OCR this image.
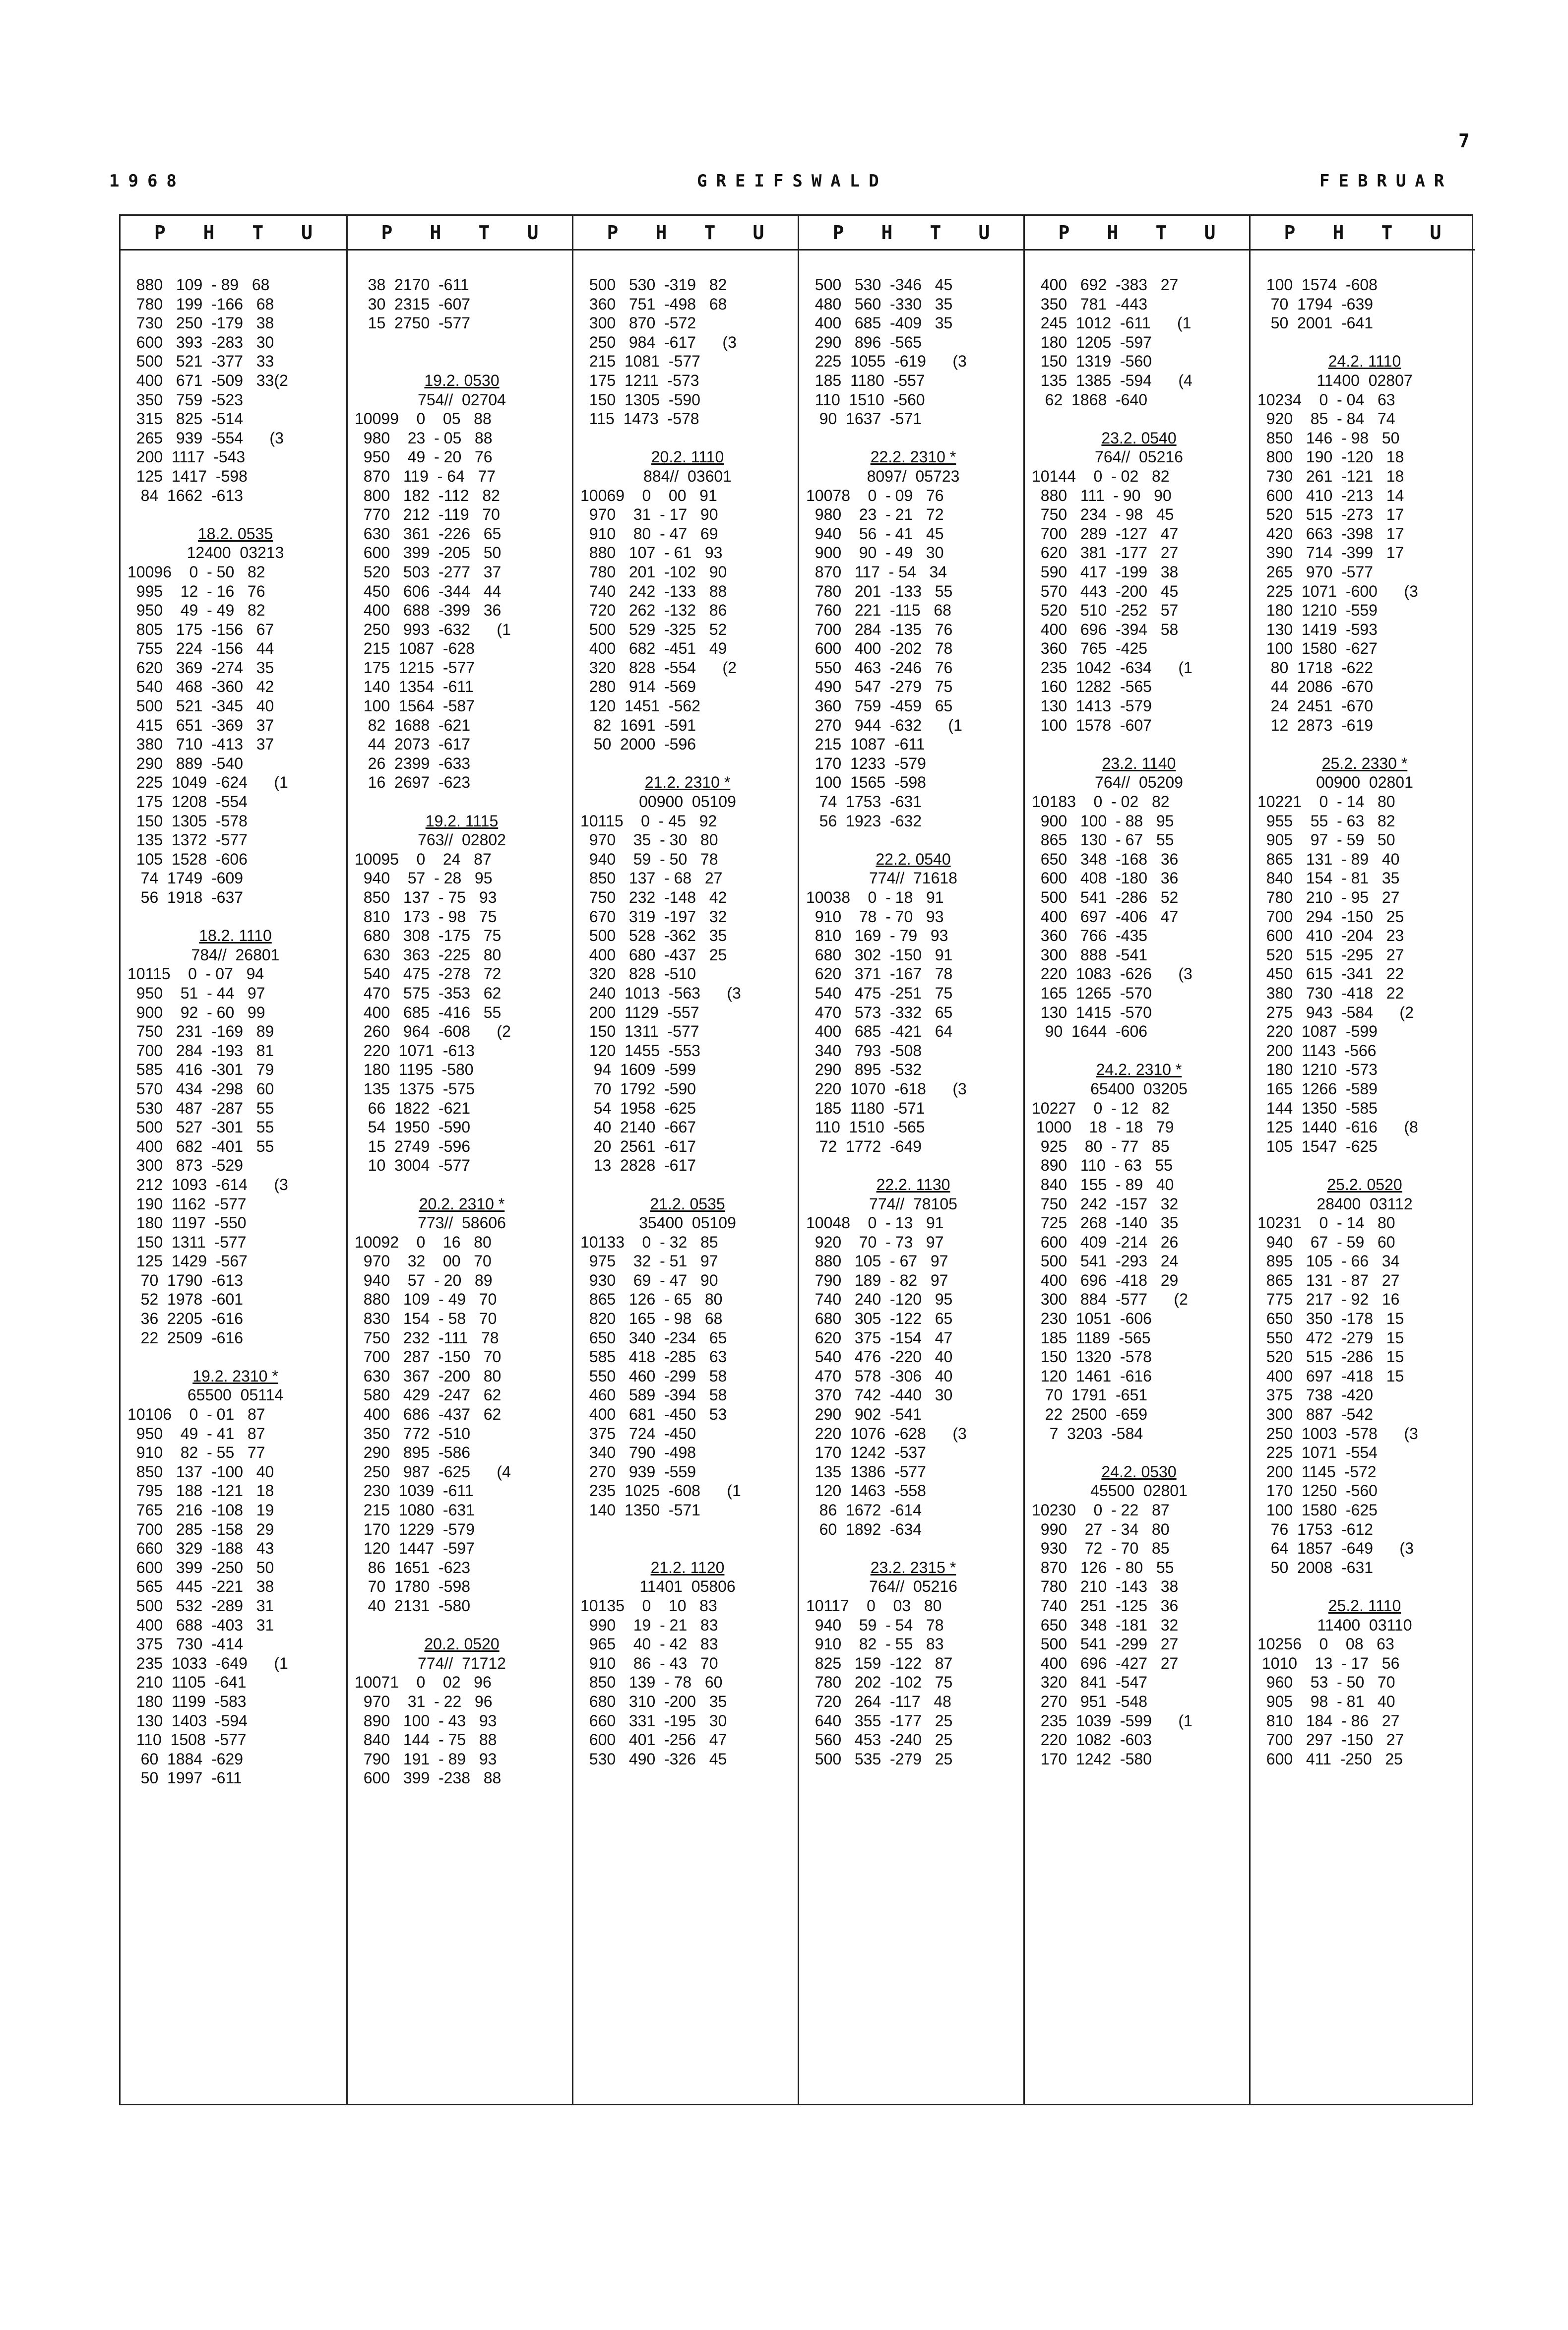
7
1968	GREIFSWALD	FEBRUAR
P H T U
880   109  - 89   68
780   199  -166   68
730   250  -179   38
600   393  -283   30
500   521  -377   33
400   671  -509   33(2
350   759  -523
315   825  -514
265   939  -554      (3
200  1117  -543
125  1417  -598
84  1662  -613
18.2. 0535
12400  03213
10096    0  - 50   82
995    12  - 16   76
950    49  - 49   82
805   175  -156   67
755   224  -156   44
620   369  -274   35
540   468  -360   42
500   521  -345   40
415   651  -369   37
380   710  -413   37
290   889  -540
225  1049  -624      (1
175  1208  -554
150  1305  -578
135  1372  -577
105  1528  -606
74  1749  -609
56  1918  -637
18.2. 1110
784//  26801
10115    0  - 07   94
950    51  - 44   97
900    92  - 60   99
750   231  -169   89
700   284  -193   81
585   416  -301   79
570   434  -298   60
530   487  -287   55
500   527  -301   55
400   682  -401   55
300   873  -529
212  1093  -614      (3
190  1162  -577
180  1197  -550
150  1311  -577
125  1429  -567
70  1790  -613
52  1978  -601
36  2205  -616
22  2509  -616
19.2. 2310 *
65500  05114
10106    0  - 01   87
950    49  - 41   87
910    82  - 55   77
850   137  -100   40
795   188  -121   18
765   216  -108   19
700   285  -158   29
660   329  -188   43
600   399  -250   50
565   445  -221   38
500   532  -289   31
400   688  -403   31
375   730  -414
235  1033  -649      (1
210  1105  -641
180  1199  -583
130  1403  -594
110  1508  -577
60  1884  -629
50  1997  -611
P H T U
38  2170  -611
30  2315  -607
15  2750  -577
19.2. 0530
754//  02704
10099    0    05   88
980    23  - 05   88
950    49  - 20   76
870   119  - 64   77
800   182  -112   82
770   212  -119   70
630   361  -226   65
600   399  -205   50
520   503  -277   37
450   606  -344   44
400   688  -399   36
250   993  -632      (1
215  1087  -628
175  1215  -577
140  1354  -611
100  1564  -587
82  1688  -621
44  2073  -617
26  2399  -633
16  2697  -623
19.2. 1115
763//  02802
10095    0    24   87
940    57  - 28   95
850   137  - 75   93
810   173  - 98   75
680   308  -175   75
630   363  -225   80
540   475  -278   72
470   575  -353   62
400   685  -416   55
260   964  -608      (2
220  1071  -613
180  1195  -580
135  1375  -575
66  1822  -621
54  1950  -590
15  2749  -596
10  3004  -577
20.2. 2310 *
773//  58606
10092    0    16   80
970    32    00   70
940    57  - 20   89
880   109  - 49   70
830   154  - 58   70
750   232  -111   78
700   287  -150   70
630   367  -200   80
580   429  -247   62
400   686  -437   62
350   772  -510
290   895  -586
250   987  -625      (4
230  1039  -611
215  1080  -631
170  1229  -579
120  1447  -597
86  1651  -623
70  1780  -598
40  2131  -580
20.2. 0520
774//  71712
10071    0    02   96
970    31  - 22   96
890   100  - 43   93
840   144  - 75   88
790   191  - 89   93
600   399  -238   88
P H T U
500   530  -319   82
360   751  -498   68
300   870  -572
250   984  -617      (3
215  1081  -577
175  1211  -573
150  1305  -590
115  1473  -578
20.2. 1110
884//  03601
10069    0    00   91
970    31  - 17   90
910    80  - 47   69
880   107  - 61   93
780   201  -102   90
740   242  -133   88
720   262  -132   86
500   529  -325   52
400   682  -451   49
320   828  -554      (2
280   914  -569
120  1451  -562
82  1691  -591
50  2000  -596
21.2. 2310 *
00900  05109
10115    0  - 45   92
970    35  - 30   80
940    59  - 50   78
850   137  - 68   27
750   232  -148   42
670   319  -197   32
500   528  -362   35
400   680  -437   25
320   828  -510
240  1013  -563      (3
200  1129  -557
150  1311  -577
120  1455  -553
94  1609  -599
70  1792  -590
54  1958  -625
40  2140  -667
20  2561  -617
13  2828  -617
21.2. 0535
35400  05109
10133    0  - 32   85
975    32  - 51   97
930    69  - 47   90
865   126  - 65   80
820   165  - 98   68
650   340  -234   65
585   418  -285   63
550   460  -299   58
460   589  -394   58
400   681  -450   53
375   724  -450
340   790  -498
270   939  -559
235  1025  -608      (1
140  1350  -571
21.2. 1120
11401  05806
10135    0    10   83
990    19  - 21   83
965    40  - 42   83
910    86  - 43   70
850   139  - 78   60
680   310  -200   35
660   331  -195   30
600   401  -256   47
530   490  -326   45
P H T U
500   530  -346   45
480   560  -330   35
400   685  -409   35
290   896  -565
225  1055  -619      (3
185  1180  -557
110  1510  -560
90  1637  -571
22.2. 2310 *
8097/  05723
10078    0  - 09   76
980    23  - 21   72
940    56  - 41   45
900    90  - 49   30
870   117  - 54   34
780   201  -133   55
760   221  -115   68
700   284  -135   76
600   400  -202   78
550   463  -246   76
490   547  -279   75
360   759  -459   65
270   944  -632      (1
215  1087  -611
170  1233  -579
100  1565  -598
74  1753  -631
56  1923  -632
22.2. 0540
774//  71618
10038    0  - 18   91
910    78  - 70   93
810   169  - 79   93
680   302  -150   91
620   371  -167   78
540   475  -251   75
470   573  -332   65
400   685  -421   64
340   793  -508
290   895  -532
220  1070  -618      (3
185  1180  -571
110  1510  -565
72  1772  -649
22.2. 1130
774//  78105
10048    0  - 13   91
920    70  - 73   97
880   105  - 67   97
790   189  - 82   97
740   240  -120   95
680   305  -122   65
620   375  -154   47
540   476  -220   40
470   578  -306   40
370   742  -440   30
290   902  -541
220  1076  -628      (3
170  1242  -537
135  1386  -577
120  1463  -558
86  1672  -614
60  1892  -634
23.2. 2315 *
764//  05216
10117    0    03   80
940    59  - 54   78
910    82  - 55   83
825   159  -122   87
780   202  -102   75
720   264  -117   48
640   355  -177   25
560   453  -240   25
500   535  -279   25
P H T U
400   692  -383   27
350   781  -443
245  1012  -611      (1
180  1205  -597
150  1319  -560
135  1385  -594      (4
62  1868  -640
23.2. 0540
764//  05216
10144    0  - 02   82
880   111  - 90   90
750   234  - 98   45
700   289  -127   47
620   381  -177   27
590   417  -199   38
570   443  -200   45
520   510  -252   57
400   696  -394   58
360   765  -425
235  1042  -634      (1
160  1282  -565
130  1413  -579
100  1578  -607
23.2. 1140
764//  05209
10183    0  - 02   82
900   100  - 88   95
865   130  - 67   55
650   348  -168   36
600   408  -180   36
500   541  -286   52
400   697  -406   47
360   766  -435
300   888  -541
220  1083  -626      (3
165  1265  -570
130  1415  -570
90  1644  -606
24.2. 2310 *
65400  03205
10227    0  - 12   82
1000    18  - 18   79
925    80  - 77   85
890   110  - 63   55
840   155  - 89   40
750   242  -157   32
725   268  -140   35
600   409  -214   26
500   541  -293   24
400   696  -418   29
300   884  -577      (2
230  1051  -606
185  1189  -565
150  1320  -578
120  1461  -616
70  1791  -651
22  2500  -659
7  3203  -584
24.2. 0530
45500  02801
10230    0  - 22   87
990    27  - 34   80
930    72  - 70   85
870   126  - 80   55
780   210  -143   38
740   251  -125   36
650   348  -181   32
500   541  -299   27
400   696  -427   27
320   841  -547
270   951  -548
235  1039  -599      (1
220  1082  -603
170  1242  -580
P H T U
100  1574  -608
70  1794  -639
50  2001  -641
24.2. 1110
11400  02807
10234    0  - 04   63
920    85  - 84   74
850   146  - 98   50
800   190  -120   18
730   261  -121   18
600   410  -213   14
520   515  -273   17
420   663  -398   17
390   714  -399   17
265   970  -577
225  1071  -600      (3
180  1210  -559
130  1419  -593
100  1580  -627
80  1718  -622
44  2086  -670
24  2451  -670
12  2873  -619
25.2. 2330 *
00900  02801
10221    0  - 14   80
955    55  - 63   82
905    97  - 59   50
865   131  - 89   40
840   154  - 81   35
780   210  - 95   27
700   294  -150   25
600   410  -204   23
520   515  -295   27
450   615  -341   22
380   730  -418   22
275   943  -584      (2
220  1087  -599
200  1143  -566
180  1210  -573
165  1266  -589
144  1350  -585
125  1440  -616      (8
105  1547  -625
25.2. 0520
28400  03112
10231    0  - 14   80
940    67  - 59   60
895   105  - 66   34
865   131  - 87   27
775   217  - 92   16
650   350  -178   15
550   472  -279   15
520   515  -286   15
400   697  -418   15
375   738  -420
300   887  -542
250  1003  -578      (3
225  1071  -554
200  1145  -572
170  1250  -560
100  1580  -625
76  1753  -612
64  1857  -649      (3
50  2008  -631
25.2. 1110
11400  03110
10256    0    08   63
1010    13  - 17   56
960    53  - 50   70
905    98  - 81   40
810   184  - 86   27
700   297  -150   27
600   411  -250   25
